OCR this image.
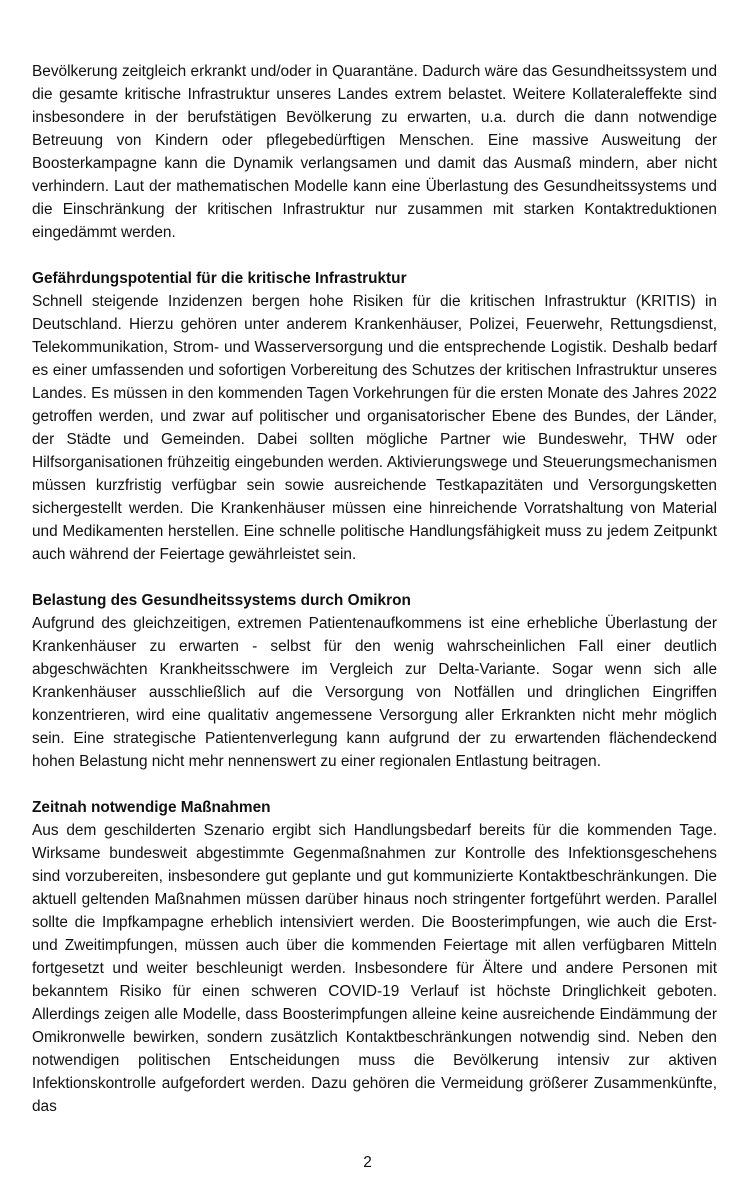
Bevölkerung zeitgleich erkrankt und/oder in Quarantäne. Dadurch wäre das Gesundheitssystem und die gesamte kritische Infrastruktur unseres Landes extrem belastet. Weitere Kollateraleffekte sind insbesondere in der berufstätigen Bevölkerung zu erwarten, u.a. durch die dann notwendige Betreuung von Kindern oder pflegebedürftigen Menschen. Eine massive Ausweitung der Boosterkampagne kann die Dynamik verlangsamen und damit das Ausmaß mindern, aber nicht verhindern. Laut der mathematischen Modelle kann eine Überlastung des Gesundheitssystems und die Einschränkung der kritischen Infrastruktur nur zusammen mit starken Kontaktreduktionen eingedämmt werden.

Gefährdungspotential für die kritische Infrastruktur

Schnell steigende Inzidenzen bergen hohe Risiken für die kritischen Infrastruktur (KRITIS) in Deutschland. Hierzu gehören unter anderem Krankenhäuser, Polizei, Feuerwehr, Rettungsdienst, Telekommunikation, Strom- und Wasserversorgung und die entsprechende Logistik. Deshalb bedarf es einer umfassenden und sofortigen Vorbereitung des Schutzes der kritischen Infrastruktur unseres Landes. Es müssen in den kommenden Tagen Vorkehrungen für die ersten Monate des Jahres 2022 getroffen werden, und zwar auf politischer und organisatorischer Ebene des Bundes, der Länder, der Städte und Gemeinden. Dabei sollten mögliche Partner wie Bundeswehr, THW oder Hilfsorganisationen frühzeitig eingebunden werden. Aktivierungswege und Steuerungsmechanismen müssen kurzfristig verfügbar sein sowie ausreichende Testkapazitäten und Versorgungsketten sichergestellt werden. Die Krankenhäuser müssen eine hinreichende Vorratshaltung von Material und Medikamenten herstellen. Eine schnelle politische Handlungsfähigkeit muss zu jedem Zeitpunkt auch während der Feiertage gewährleistet sein.

Belastung des Gesundheitssystems durch Omikron

Aufgrund des gleichzeitigen, extremen Patientenaufkommens ist eine erhebliche Überlastung der Krankenhäuser zu erwarten - selbst für den wenig wahrscheinlichen Fall einer deutlich abgeschwächten Krankheitsschwere im Vergleich zur Delta-Variante. Sogar wenn sich alle Krankenhäuser ausschließlich auf die Versorgung von Notfällen und dringlichen Eingriffen konzentrieren, wird eine qualitativ angemessene Versorgung aller Erkrankten nicht mehr möglich sein. Eine strategische Patientenverlegung kann aufgrund der zu erwartenden flächendeckend hohen Belastung nicht mehr nennenswert zu einer regionalen Entlastung beitragen.

Zeitnah notwendige Maßnahmen

Aus dem geschilderten Szenario ergibt sich Handlungsbedarf bereits für die kommenden Tage. Wirksame bundesweit abgestimmte Gegenmaßnahmen zur Kontrolle des Infektionsgeschehens sind vorzubereiten, insbesondere gut geplante und gut kommunizierte Kontaktbeschränkungen. Die aktuell geltenden Maßnahmen müssen darüber hinaus noch stringenter fortgeführt werden. Parallel sollte die Impfkampagne erheblich intensiviert werden. Die Boosterimpfungen, wie auch die Erst- und Zweitimpfungen, müssen auch über die kommenden Feiertage mit allen verfügbaren Mitteln fortgesetzt und weiter beschleunigt werden. Insbesondere für Ältere und andere Personen mit bekanntem Risiko für einen schweren COVID-19 Verlauf ist höchste Dringlichkeit geboten. Allerdings zeigen alle Modelle, dass Boosterimpfungen alleine keine ausreichende Eindämmung der Omikronwelle bewirken, sondern zusätzlich Kontaktbeschränkungen notwendig sind. Neben den notwendigen politischen Entscheidungen muss die Bevölkerung intensiv zur aktiven Infektionskontrolle aufgefordert werden. Dazu gehören die Vermeidung größerer Zusammenkünfte, das

2
